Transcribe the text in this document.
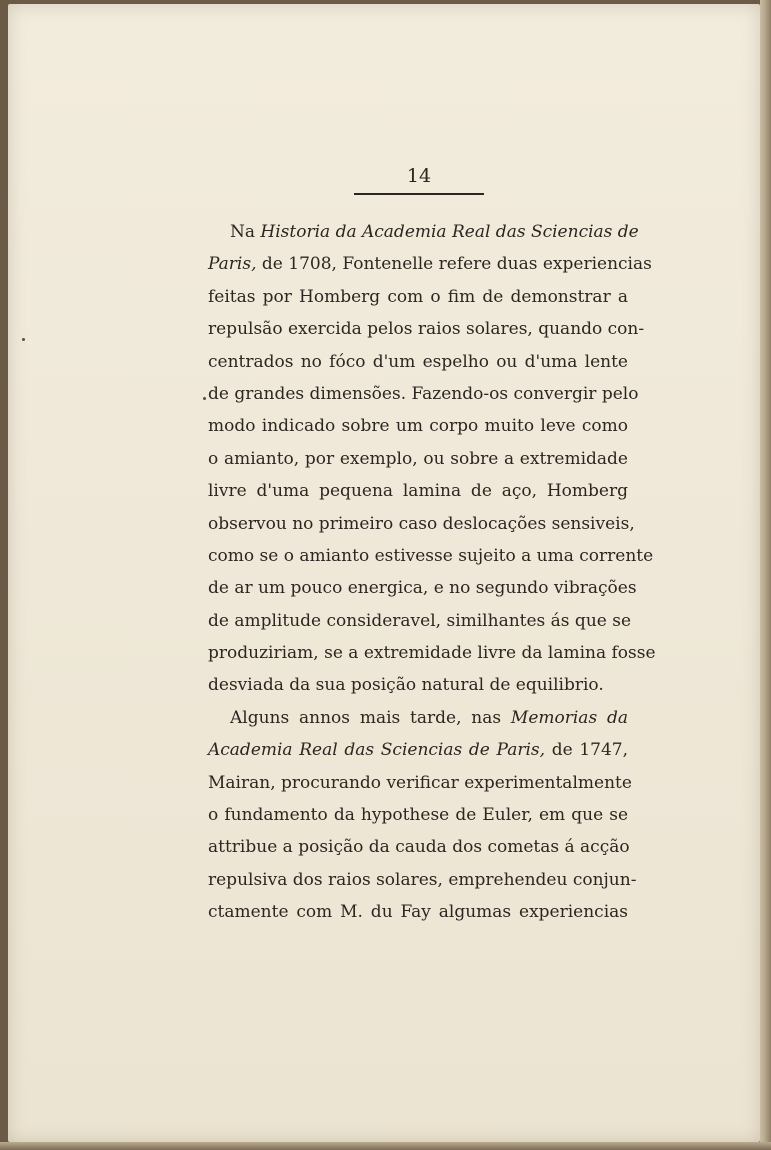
14
Na Historia da Academia Real das Sciencias de
Paris, de 1708, Fontenelle refere duas experiencias
feitas por Homberg com o fim de demonstrar a
repulsão exercida pelos raios solares, quando con-
centrados no fóco d'um espelho ou d'uma lente
de grandes dimensões. Fazendo-os convergir pelo
modo indicado sobre um corpo muito leve como
o amianto, por exemplo, ou sobre a extremidade
livre d'uma pequena lamina de aço, Homberg
observou no primeiro caso deslocações sensiveis,
como se o amianto estivesse sujeito a uma corrente
de ar um pouco energica, e no segundo vibrações
de amplitude consideravel, similhantes ás que se
produziriam, se a extremidade livre da lamina fosse
desviada da sua posição natural de equilibrio.
Alguns annos mais tarde, nas Memorias da
Academia Real das Sciencias de Paris, de 1747,
Mairan, procurando verificar experimentalmente
o fundamento da hypothese de Euler, em que se
attribue a posição da cauda dos cometas á acção
repulsiva dos raios solares, emprehendeu conjun-
ctamente com M. du Fay algumas experiencias
